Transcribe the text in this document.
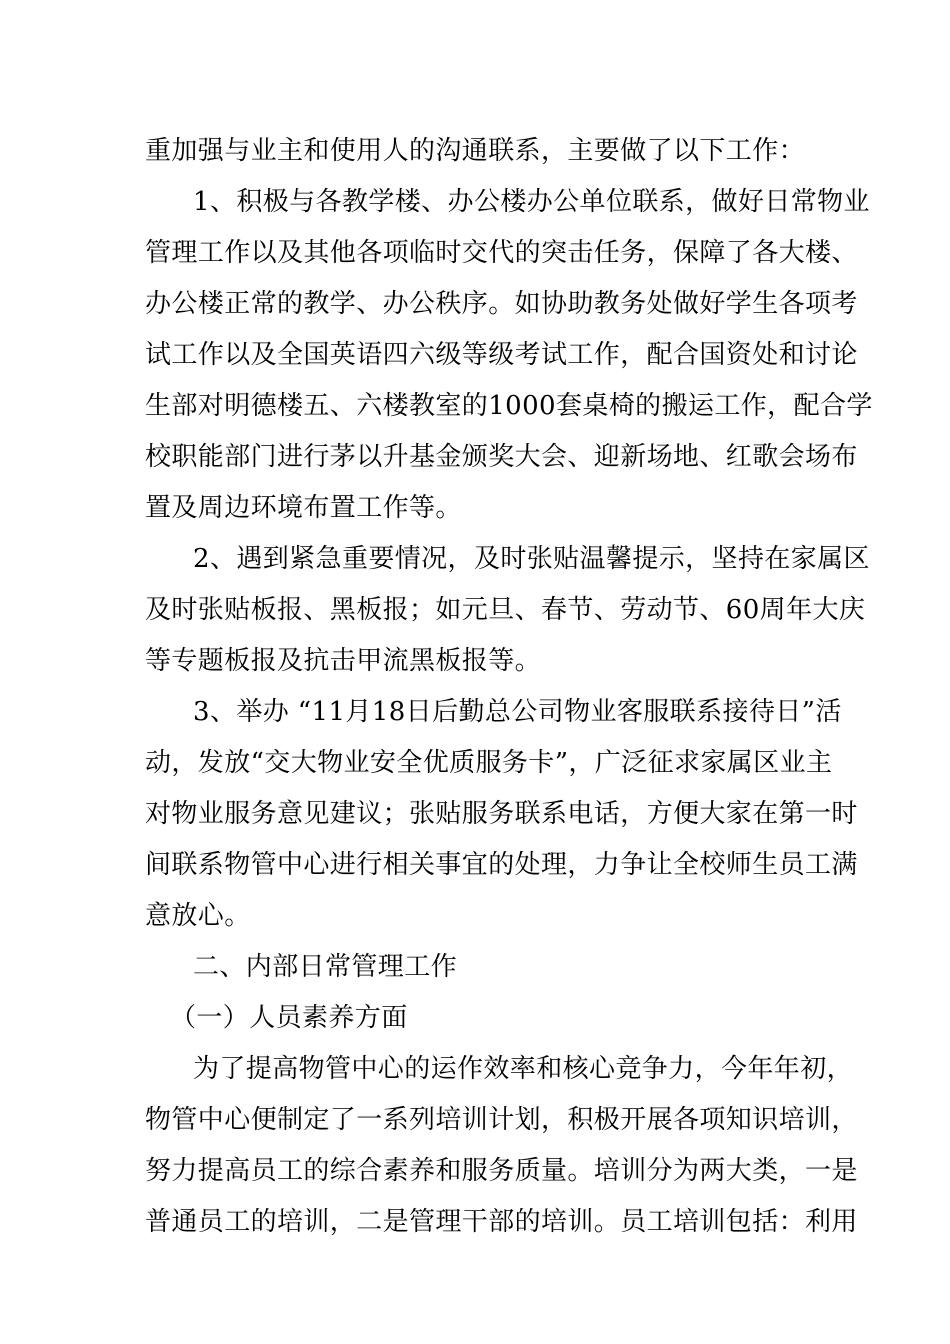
重加强与业主和使用人的沟通联系，主要做了以下工作：
1、积极与各教学楼、办公楼办公单位联系，做好日常物业
管理工作以及其他各项临时交代的突击任务，保障了各大楼、
办公楼正常的教学、办公秩序。如协助教务处做好学生各项考
试工作以及全国英语四六级等级考试工作，配合国资处和讨论
生部对明德楼五、六楼教室的1000套桌椅的搬运工作，配合学
校职能部门进行茅以升基金颁奖大会、迎新场地、红歌会场布
置及周边环境布置工作等。
2、遇到紧急重要情况，及时张贴温馨提示，坚持在家属区
及时张贴板报、黑板报；如元旦、春节、劳动节、60周年大庆
等专题板报及抗击甲流黑板报等。
3、举办 “11月18日后勤总公司物业客服联系接待日”活
动，发放“交大物业安全优质服务卡”，广泛征求家属区业主
对物业服务意见建议；张贴服务联系电话，方便大家在第一时
间联系物管中心进行相关事宜的处理，力争让全校师生员工满
意放心。
二、内部日常管理工作
（一）人员素养方面
为了提高物管中心的运作效率和核心竞争力，今年年初，
物管中心便制定了一系列培训计划，积极开展各项知识培训，
努力提高员工的综合素养和服务质量。培训分为两大类，一是
普通员工的培训，二是管理干部的培训。员工培训包括：利用
